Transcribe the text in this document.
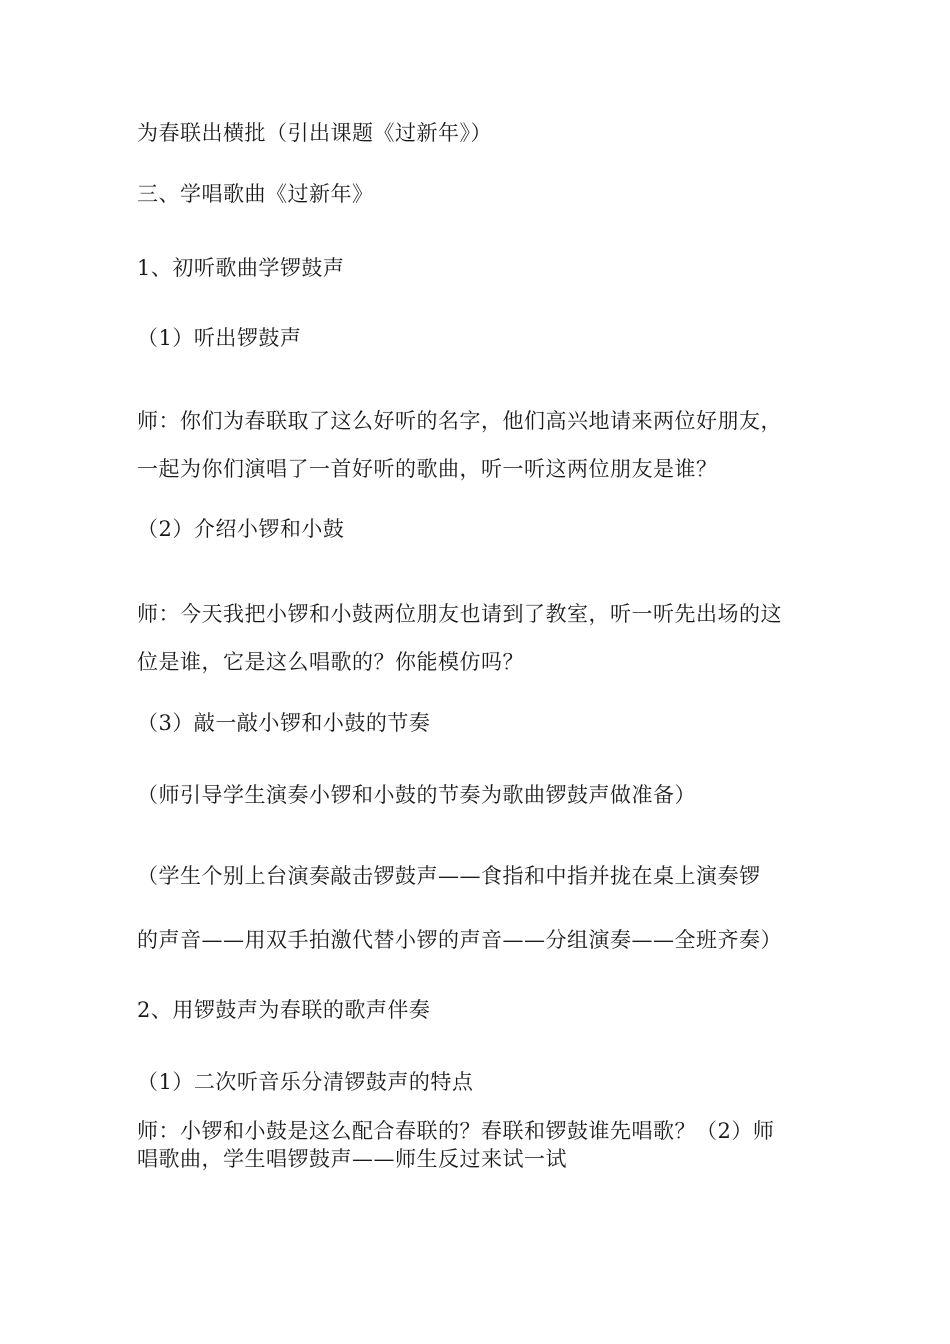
为春联出横批（引出课题《过新年》）
三、学唱歌曲《过新年》
1、初听歌曲学锣鼓声
（1）听出锣鼓声
师：你们为春联取了这么好听的名字，他们高兴地请来两位好朋友，
一起为你们演唱了一首好听的歌曲，听一听这两位朋友是谁？
（2）介绍小锣和小鼓
师：今天我把小锣和小鼓两位朋友也请到了教室，听一听先出场的这
位是谁，它是这么唱歌的？你能模仿吗？
（3）敲一敲小锣和小鼓的节奏
（师引导学生演奏小锣和小鼓的节奏为歌曲锣鼓声做准备）
（学生个别上台演奏敲击锣鼓声——食指和中指并拢在桌上演奏锣
的声音——用双手拍激代替小锣的声音——分组演奏——全班齐奏）
2、用锣鼓声为春联的歌声伴奏
（1）二次听音乐分清锣鼓声的特点
师：小锣和小鼓是这么配合春联的？春联和锣鼓谁先唱歌？（2）师
唱歌曲，学生唱锣鼓声——师生反过来试一试
